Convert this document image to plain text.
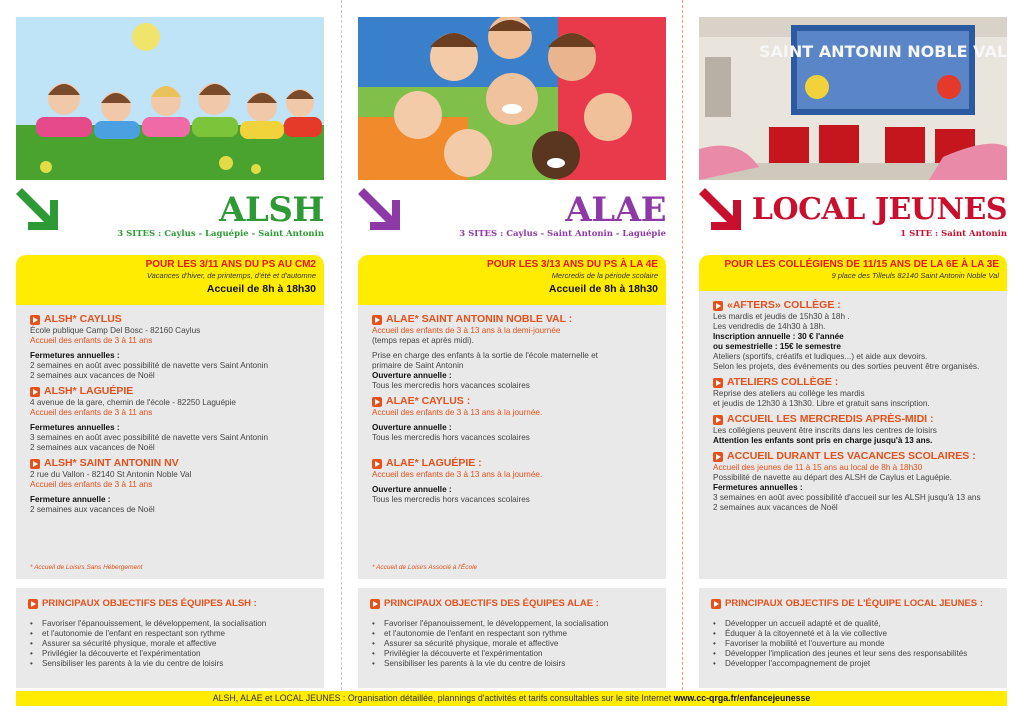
ALSH
3 SITES : Caylus - Laguépie - Saint Antonin
POUR LES 3/11 ANS DU PS AU CM2
Vacances d'hiver, de printemps, d'été et d'automne
Accueil de 8h à 18h30
ALSH* CAYLUS
École publique Camp Del Bosc - 82160 Caylus
Accueil des enfants de 3 à 11 ans
Fermetures annuelles :
2 semaines en août avec possibilité de navette vers Saint Antonin
2 semaines aux vacances de Noël
ALSH* LAGUÉPIE
4 avenue de la gare, chemin de l'école - 82250 Laguépie
Accueil des enfants de 3 à 11 ans
Fermetures annuelles :
3 semaines en août avec possibilité de navette vers Saint Antonin
2 semaines aux vacances de Noël
ALSH* SAINT ANTONIN NV
2 rue du Vallon - 82140 St Antonin Noble Val
Accueil des enfants de 3 à 11 ans
Fermeture annuelle :
2 semaines aux vacances de Noël
* Accueil de Loisirs Sans Hébergement
PRINCIPAUX OBJECTIFS DES ÉQUIPES ALSH :
• Favoriser l'épanouissement, le développement, la socialisation
• et l'autonomie de l'enfant en respectant son rythme
• Assurer sa sécurité physique, morale et affective
• Privilégier la découverte et l'expérimentation
• Sensibiliser les parents à la vie du centre de loisirs
ALAE
3 SITES : Caylus - Saint Antonin - Laguépie
POUR LES 3/13 ANS DU PS À LA 4E
Mercredis de la période scolaire
Accueil de 8h à 18h30
ALAE* SAINT ANTONIN NOBLE VAL :
Accueil des enfants de 3 à 13 ans à la demi-journée
(temps repas et après midi).
Prise en charge des enfants à la sortie de l'école maternelle et
primaire de Saint Antonin
Ouverture annuelle :
Tous les mercredis hors vacances scolaires
ALAE* CAYLUS :
Accueil des enfants de 3 à 13 ans à la journée.
Ouverture annuelle :
Tous les mercredis hors vacances scolaires
ALAE* LAGUÉPIE :
Accueil des enfants de 3 à 13 ans à la journée.
Ouverture annuelle :
Tous les mercredis hors vacances scolaires
* Accueil de Loisirs Associé à l'École
PRINCIPAUX OBJECTIFS DES ÉQUIPES ALAE :
• Favoriser l'épanouissement, le développement, la socialisation
• et l'autonomie de l'enfant en respectant son rythme
• Assurer sa sécurité physique, morale et affective
• Privilégier la découverte et l'expérimentation
• Sensibiliser les parents à la vie du centre de loisirs
SAINT ANTONIN NOBLE VAL
LOCAL JEUNES
1 SITE : Saint Antonin
POUR LES COLLÉGIENS DE 11/15 ANS DE LA 6E À LA 3E
9 place des Tilleuls 82140 Saint Antonin Noble Val
«AFTERS» COLLÈGE :
Les mardis et jeudis de 15h30 à 18h .
Les vendredis de 14h30 à 18h.
Inscription annuelle : 30 € l'année
ou semestrielle : 15€ le semestre
Ateliers (sportifs, créatifs et ludiques...) et aide aux devoirs.
Selon les projets, des événements ou des sorties peuvent être organisés.
ATELIERS COLLÈGE :
Reprise des ateliers au collège les mardis
et jeudis de 12h30 à 13h30. Libre et gratuit sans inscription.
ACCUEIL LES MERCREDIS APRÈS-MIDI :
Les collégiens peuvent être inscrits dans les centres de loisirs
Attention les enfants sont pris en charge jusqu'à 13 ans.
ACCUEIL DURANT LES VACANCES SCOLAIRES :
Accueil des jeunes de 11 à 15 ans au local de 8h à 18h30
Possibilité de navette au départ des ALSH de Caylus et Laguépie.
Fermetures annuelles :
3 semaines en août avec possibilité d'accueil sur les ALSH jusqu'à 13 ans
2 semaines aux vacances de Noël
PRINCIPAUX OBJECTIFS DE L'ÉQUIPE LOCAL JEUNES :
• Développer un accueil adapté et de qualité,
• Éduquer à la citoyenneté et à la vie collective
• Favoriser la mobilité et l'ouverture au monde
• Développer l'implication des jeunes et leur sens des responsabilités
• Développer l'accompagnement de projet
ALSH, ALAE et LOCAL JEUNES : Organisation détaillée, plannings d'activités et tarifs consultables sur le site Internet www.cc-qrga.fr/enfancejeunesse
